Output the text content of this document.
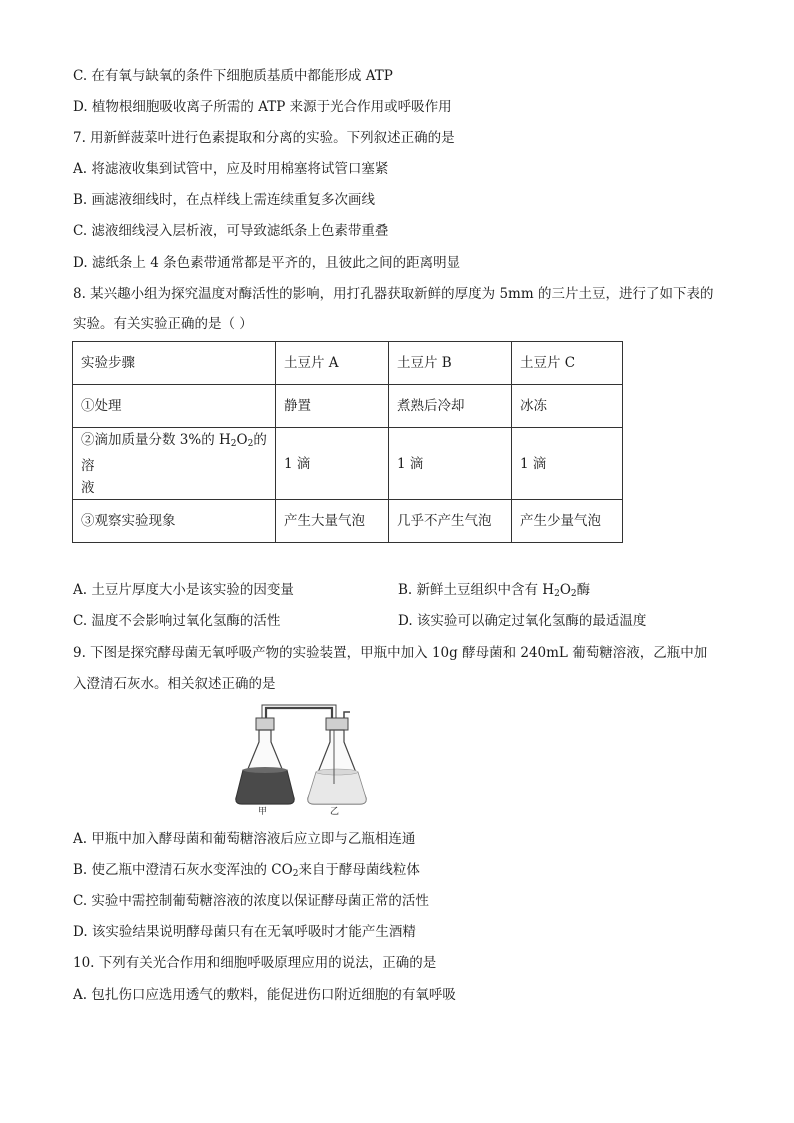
C. 在有氧与缺氧的条件下细胞质基质中都能形成 ATP
D. 植物根细胞吸收离子所需的 ATP 来源于光合作用或呼吸作用
7. 用新鲜菠菜叶进行色素提取和分离的实验。下列叙述正确的是
A. 将滤液收集到试管中，应及时用棉塞将试管口塞紧
B. 画滤液细线时，在点样线上需连续重复多次画线
C. 滤液细线浸入层析液，可导致滤纸条上色素带重叠
D. 滤纸条上 4 条色素带通常都是平齐的，且彼此之间的距离明显
8. 某兴趣小组为探究温度对酶活性的影响，用打孔器获取新鲜的厚度为 5mm 的三片土豆，进行了如下表的
实验。有关实验正确的是（ ）
实验步骤	土豆片 A	土豆片 B	土豆片 C
①处理	静置	煮熟后冷却	冰冻
②滴加质量分数 3%的 $H_2O_2$的溶
液	1 滴	1 滴	1 滴
③观察实验现象	产生大量气泡	几乎不产生气泡	产生少量气泡
A. 土豆片厚度大小是该实验的因变量	B. 新鲜土豆组织中含有 $H_2O_2$酶
C. 温度不会影响过氧化氢酶的活性	D. 该实验可以确定过氧化氢酶的最适温度
9. 下图是探究酵母菌无氧呼吸产物的实验装置，甲瓶中加入 10g 酵母菌和 240mL 葡萄糖溶液，乙瓶中加
入澄清石灰水。相关叙述正确的是
甲	乙
A. 甲瓶中加入酵母菌和葡萄糖溶液后应立即与乙瓶相连通
B. 使乙瓶中澄清石灰水变浑浊的 $CO_2$来自于酵母菌线粒体
C. 实验中需控制葡萄糖溶液的浓度以保证酵母菌正常的活性
D. 该实验结果说明酵母菌只有在无氧呼吸时才能产生酒精
10. 下列有关光合作用和细胞呼吸原理应用的说法，正确的是
A. 包扎伤口应选用透气的敷料，能促进伤口附近细胞的有氧呼吸
